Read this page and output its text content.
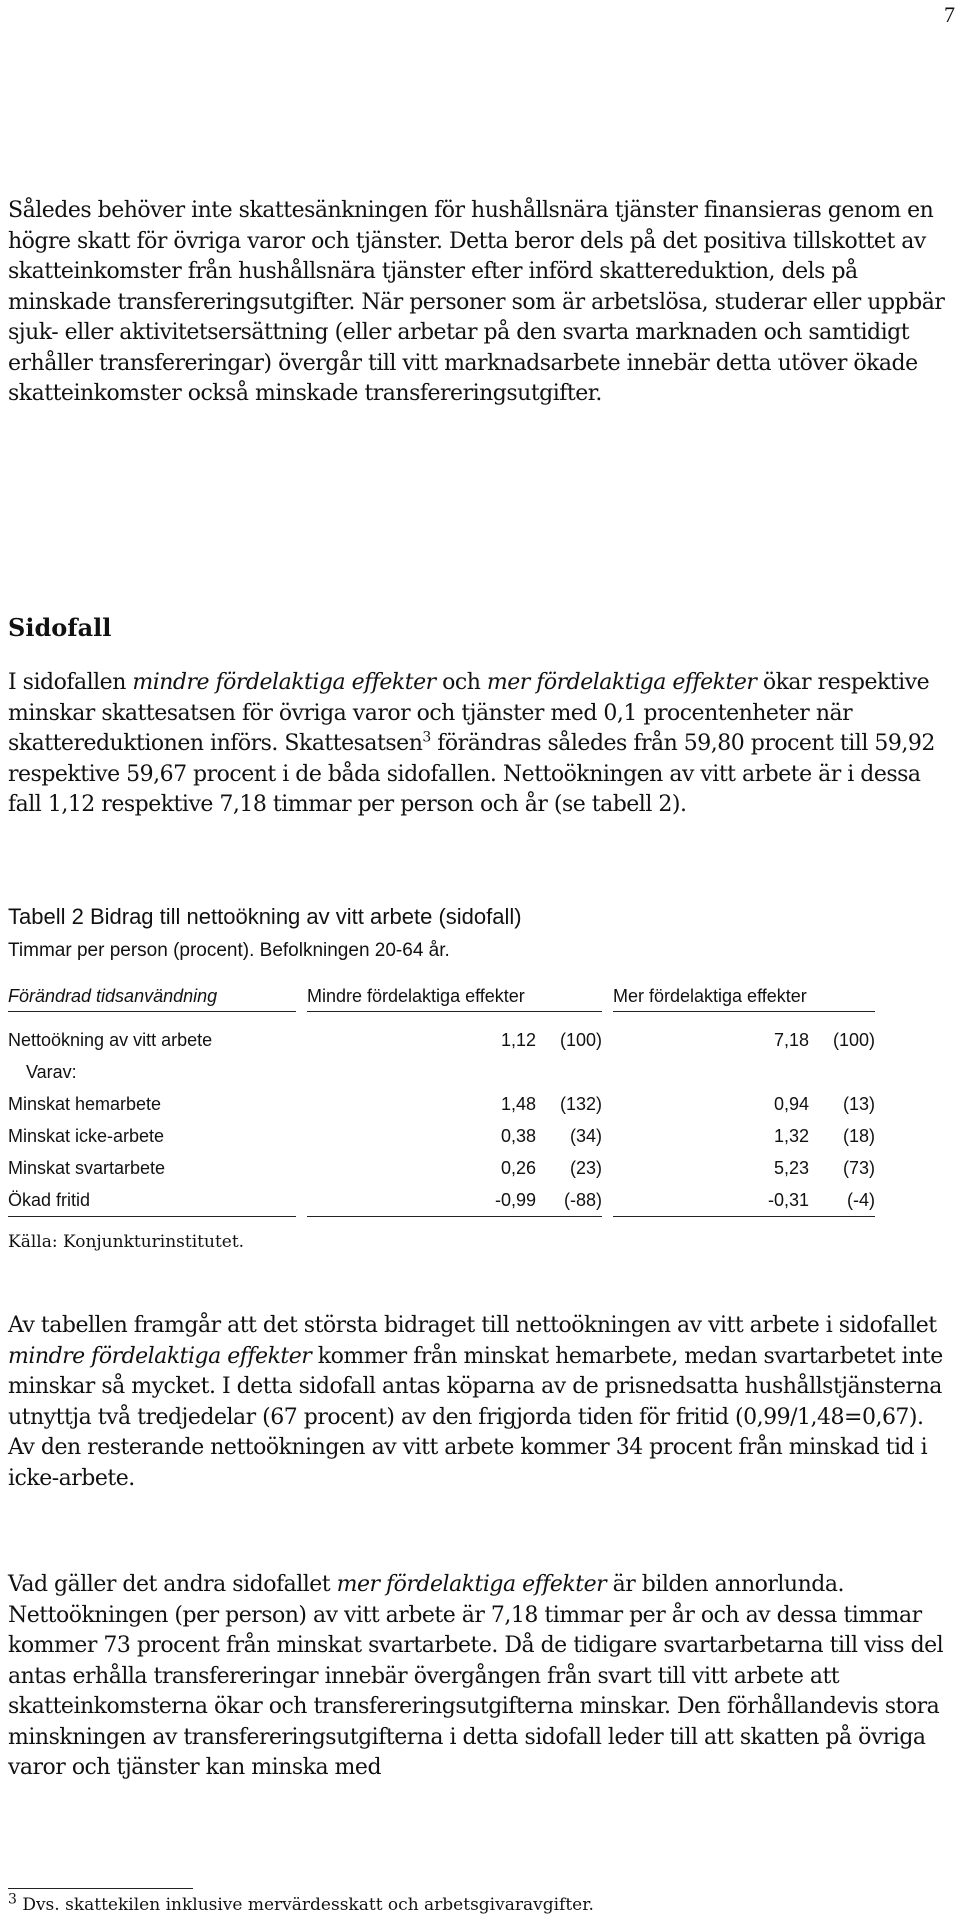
7

Således behöver inte skattesänkningen för hushållsnära tjänster finansieras genom en högre skatt för övriga varor och tjänster. Detta beror dels på det positiva tillskottet av skatteinkomster från hushållsnära tjänster efter införd skattereduktion, dels på minskade transfereringsutgifter. När personer som är arbetslösa, studerar eller uppbär sjuk- eller aktivitetsersättning (eller arbetar på den svarta marknaden och samtidigt erhåller transfereringar) övergår till vitt marknadsarbete innebär detta utöver ökade skatteinkomster också minskade transfereringsutgifter.

Sidofall

I sidofallen mindre fördelaktiga effekter och mer fördelaktiga effekter ökar respektive minskar skattesatsen för övriga varor och tjänster med 0,1 procentenheter när skattereduktionen införs. Skattesatsen$^3$ förändras således från 59,80 procent till 59,92 respektive 59,67 procent i de båda sidofallen. Nettoökningen av vitt arbete är i dessa fall 1,12 respektive 7,18 timmar per person och år (se tabell 2).

Tabell 2 Bidrag till nettoökning av vitt arbete (sidofall)
Timmar per person (procent). Befolkningen 20-64 år.
Förändrad tidsanvändning		Mindre fördelaktiga effekter		Mer fördelaktiga effekter
Nettoökning av vitt arbete		1,12 (100)		7,18 (100)
Varav:				
Minskat hemarbete		1,48 (132)		0,94 (13)
Minskat icke-arbete		0,38 (34)		1,32 (18)
Minskat svartarbete		0,26 (23)		5,23 (73)
Ökad fritid		-0,99 (-88)		-0,31 (-4)
Källa: Konjunkturinstitutet.

Av tabellen framgår att det största bidraget till nettoökningen av vitt arbete i sidofallet mindre fördelaktiga effekter kommer från minskat hemarbete, medan svartarbetet inte minskar så mycket. I detta sidofall antas köparna av de prisnedsatta hushållstjänsterna utnyttja två tredjedelar (67 procent) av den frigjorda tiden för fritid (0,99/1,48=0,67). Av den resterande nettoökningen av vitt arbete kommer 34 procent från minskad tid i icke-arbete.

Vad gäller det andra sidofallet mer fördelaktiga effekter är bilden annorlunda. Nettoökningen (per person) av vitt arbete är 7,18 timmar per år och av dessa timmar kommer 73 procent från minskat svartarbete. Då de tidigare svartarbetarna till viss del antas erhålla transfereringar innebär övergången från svart till vitt arbete att skatteinkomsterna ökar och transfereringsutgifterna minskar. Den förhållandevis stora minskningen av transfereringsutgifterna i detta sidofall leder till att skatten på övriga varor och tjänster kan minska med

$^3$ Dvs. skattekilen inklusive mervärdesskatt och arbetsgivaravgifter.
